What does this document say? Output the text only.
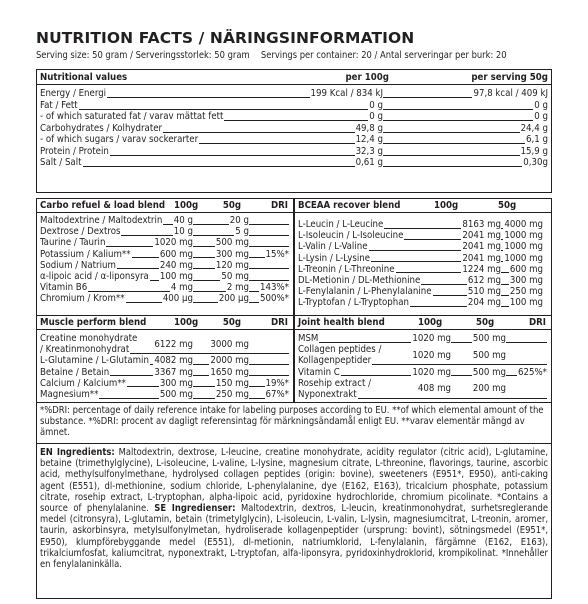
NUTRITION FACTS / NÄRINGSINFORMATION
Serving size: 50 gram / Serveringsstorlek: 50 gram Servings per container: 20 / Antal serveringar per burk: 20
Nutritional values	per 100g	per serving 50g
Energy / Energi	199 Kcal / 834 kJ	97,8 kcal / 409 kJ
Fat / Fett	0 g	0 g
- of which saturated fat / varav mättat fett	0 g	0 g
Carbohydrates / Kolhydrater	49,8 g	24,4 g
- of which sugars / varav sockerarter	12,4 g	6,1 g
Protein / Protein	32,3 g	15,9 g
Salt / Salt	0,61 g	0,30g
Carbo refuel & load blend 100g	50g	DRI
Maltodextrine / Maltodextrin 40 g	20 g
Dextrose / Dextros	10 g	5 g
Taurine / Taurin	1020 mg 500 mg
Potassium / Kalium**	600 mg 300 mg 15%*
Sodium / Natrium	240 mg 120 mg
α-lipoic acid / α-liponsyra 100 mg	50 mg
Vitamin B6	4 mg	2 mg 143%*
Chromium / Krom**	400 μg	200 μg 500%*
BCEAA recover blend	100g	50g
L-Leucin / L-Leucine	8163 mg 4000 mg
L-Isoleucin / L-Isoleucine	2041 mg 1000 mg
L-Valin / L-Valine	2041 mg 1000 mg
L-Lysin / L-Lysine	2041 mg 1000 mg
L-Treonin / L-Threonine	1224 mg 600 mg
DL-Metionin / DL-Methionine	612 mg 300 mg
L-Fenylalanin / L-Phenylalanine	510 mg 250 mg
L-Tryptofan / L-Tryptophan	204 mg 100 mg
Muscle perform blend	100g	50g	DRI
Creatine monohydrate
/ Kreatinmonohydrat
6122 mg 3000 mg
L-Glutamine / L-Glutamin 4082 mg 2000 mg
Betaine / Betain	3367 mg 1650 mg
Calcium / Kalcium**	300 mg 150 mg 19%*
Magnesium**	500 mg 250 mg 67%*
Joint health blend	100g	50g	DRI
MSM	1020 mg 500 mg
Collagen peptides /
Kollagenpeptider
1020 mg 500 mg
Vitamin C	1020 mg 500 mg 625%*
Rosehip extract /
Nyponextrakt
408 mg 200 mg
*%DRI: percentage of daily reference intake for labeling purposes according to EU. **of which elemental amount of the substance. *%DRI: procent av dagligt referensintag för märkningsändamål enligt EU. **varav elementär mängd av ämnet.

EN Ingredients: Maltodextrin, dextrose, L-leucine, creatine monohydrate, acidity regulator (citric acid), L-glutamine, betaine (trimethylglycine), L-isoleucine, L-valine, L-lysine, magnesium citrate, L-threonine, flavorings, taurine, ascorbic acid, methylsulfonylmethane, hydrolysed collagen peptides (origin: bovine), sweeteners (E951*, E950), anti-caking agent (E551), dl-methionine, sodium chloride, L-phenylalanine, dye (E162, E163), tricalcium phosphate, potassium citrate, rosehip extract, L-tryptophan, alpha-lipoic acid, pyridoxine hydrochloride, chromium picolinate. *Contains a source of phenylalanine. SE Ingredienser: Maltodextrin, dextros, L-leucin, kreatinmonohydrat, surhetsreglerande medel (citronsyra), L-glutamin, betain (trimetylglycin), L-isoleucin, L-valin, L-lysin, magnesiumcitrat, L-treonin, aromer, taurin, askorbinsyra, metylsulfonylmetan, hydroliserade kollagenpeptider (ursprung: bovint), sötningsmedel (E951*, E950), klumpförebyggande medel (E551), dl-metionin, natriumklorid, L-fenylalanin, färgämne (E162, E163), trikalciumfosfat, kaliumcitrat, nyponextrakt, L-tryptofan, alfa-liponsyra, pyridoxinhydroklorid, krompikolinat. *Innehåller en fenylalaninkälla.
